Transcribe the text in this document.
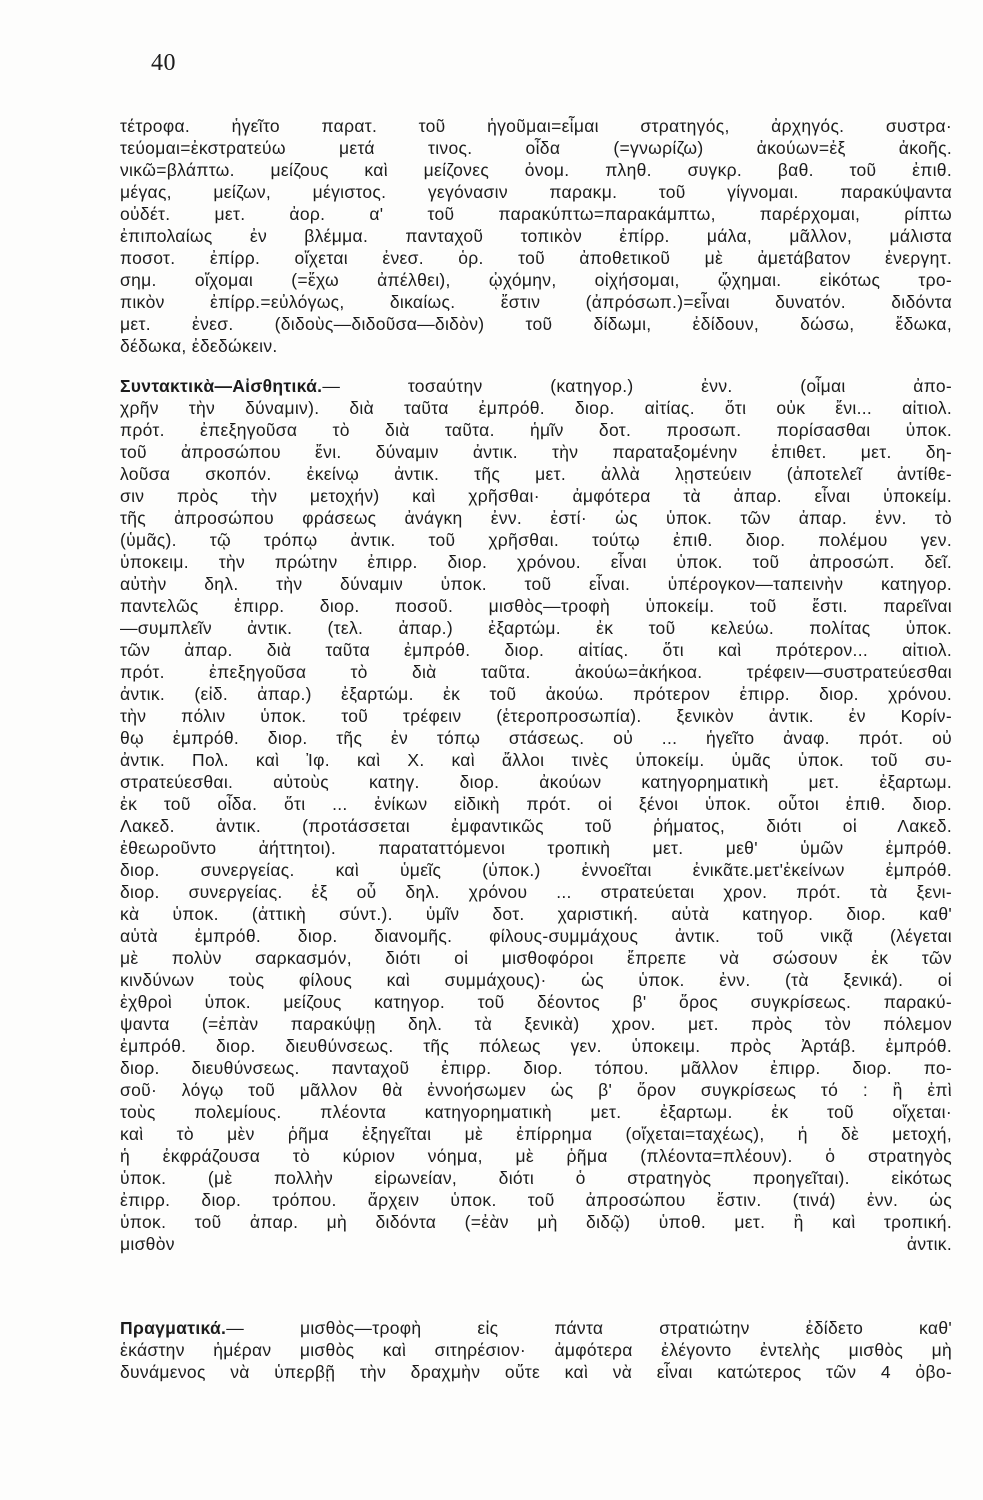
40
τέτροφα. ἡγεῖτο παρατ. τοῦ ἡγοῦμαι=εἶμαι στρατηγός, ἀρχηγός. συστρα·
τεύομαι=ἐκστρατεύω μετά τινος. οἶδα (=γνωρίζω) ἀκούων=ἐξ ἀκοῆς.
νικῶ=βλάπτω. μείζους καὶ μείζονες ὀνομ. πληθ. συγκρ. βαθ. τοῦ ἐπιθ.
μέγας, μείζων, μέγιστος. γεγόνασιν παρακμ. τοῦ γίγνομαι. παρακύψαντα
οὐδέτ. μετ. ἀορ. α' τοῦ παρακύπτω=παρακάμπτω, παρέρχομαι, ρίπτω
ἐπιπολαίως ἐν βλέμμα. πανταχοῦ τοπικὸν ἐπίρρ. μάλα, μᾶλλον, μάλιστα
ποσοτ. ἐπίρρ. οἴχεται ἐνεσ. ὁρ. τοῦ ἀποθετικοῦ μὲ ἀμετάβατον ἐνεργητ.
σημ. οἴχομαι (=ἔχω ἀπέλθει), ᾠχόμην, οἰχήσομαι, ᾤχημαι. εἰκότως τρο-
πικὸν ἐπίρρ.=εὐλόγως, δικαίως. ἔστιν (ἀπρόσωπ.)=εἶναι δυνατόν. διδόντα
μετ. ἐνεσ. (διδοὺς—διδοῦσα—διδὸν) τοῦ δίδωμι, ἐδίδουν, δώσω, ἔδωκα,
δέδωκα, ἐδεδώκειν.
Συντακτικὰ—Αἰσθητικά.— τοσαύτην (κατηγορ.) ἐνν. (οἶμαι ἀπο-
χρῆν τὴν δύναμιν). διὰ ταῦτα ἐμπρόθ. διορ. αἰτίας. ὅτι οὐκ ἔνι... αἰτιολ.
πρότ. ἐπεξηγοῦσα τὸ διὰ ταῦτα. ἡμῖν δοτ. προσωπ. πορίσασθαι ὑποκ.
τοῦ ἀπροσώπου ἔνι. δύναμιν ἀντικ. τὴν παραταξομένην ἐπιθετ. μετ. δη-
λοῦσα σκοπόν. ἐκείνῳ ἀντικ. τῆς μετ. ἀλλὰ λῃστεύειν (ἀποτελεῖ ἀντίθε-
σιν πρὸς τὴν μετοχήν) καὶ χρῆσθαι· ἀμφότερα τὰ ἀπαρ. εἶναι ὑποκείμ.
τῆς ἀπροσώπου φράσεως ἀνάγκη ἐνν. ἐστί· ὡς ὑποκ. τῶν ἀπαρ. ἐνν. τὸ
(ὑμᾶς). τῷ τρόπῳ ἀντικ. τοῦ χρῆσθαι. τούτῳ ἐπιθ. διορ. πολέμου γεν.
ὑποκειμ. τὴν πρώτην ἐπιρρ. διορ. χρόνου. εἶναι ὑποκ. τοῦ ἀπροσώπ. δεῖ.
αὐτὴν δηλ. τὴν δύναμιν ὑποκ. τοῦ εἶναι. ὑπέρογκον—ταπεινὴν κατηγορ.
παντελῶς ἐπιρρ. διορ. ποσοῦ. μισθὸς—τροφὴ ὑποκείμ. τοῦ ἔστι. παρεῖναι
—συμπλεῖν ἀντικ. (τελ. ἀπαρ.) ἐξαρτώμ. ἐκ τοῦ κελεύω. πολίτας ὑποκ.
τῶν ἀπαρ. διὰ ταῦτα ἐμπρόθ. διορ. αἰτίας. ὅτι καὶ πρότερον... αἰτιολ.
πρότ. ἐπεξηγοῦσα τὸ διὰ ταῦτα. ἀκούω=ἀκήκοα. τρέφειν—συστρατεύεσθαι
ἀντικ. (εἰδ. ἀπαρ.) ἐξαρτώμ. ἐκ τοῦ ἀκούω. πρότερον ἐπιρρ. διορ. χρόνου.
τὴν πόλιν ὑποκ. τοῦ τρέφειν (ἑτεροπροσωπία). ξενικὸν ἀντικ. ἐν Κορίν-
θῳ ἐμπρόθ. διορ. τῆς ἐν τόπῳ στάσεως. οὐ ... ἡγεῖτο ἀναφ. πρότ. οὐ
ἀντικ. Πολ. καὶ Ἰφ. καὶ Χ. καὶ ἄλλοι τινὲς ὑποκείμ. ὑμᾶς ὑποκ. τοῦ συ-
στρατεύεσθαι. αὐτοὺς κατηγ. διορ. ἀκούων κατηγορηματικὴ μετ. ἐξαρτωμ.
ἐκ τοῦ οἶδα. ὅτι ... ἐνίκων εἰδικὴ πρότ. οἱ ξένοι ὑποκ. οὗτοι ἐπιθ. διορ.
Λακεδ. ἀντικ. (προτάσσεται ἐμφαντικῶς τοῦ ῥήματος, διότι οἱ Λακεδ.
ἐθεωροῦντο ἀήττητοι). παραταττόμενοι τροπικὴ μετ. μεθ' ὑμῶν ἐμπρόθ.
διορ. συνεργείας. καὶ ὑμεῖς (ὑποκ.) ἐννοεῖται ἐνικᾶτε.μετ'ἐκείνων ἐμπρόθ.
διορ. συνεργείας. ἐξ οὗ δηλ. χρόνου ... στρατεύεται χρον. πρότ. τὰ ξενι-
κὰ ὑποκ. (ἀττικὴ σύντ.). ὑμῖν δοτ. χαριστική. αὐτὰ κατηγορ. διορ. καθ'
αὑτὰ ἐμπρόθ. διορ. διανομῆς. φίλους-συμμάχους ἀντικ. τοῦ νικᾷ (λέγεται
μὲ πολὺν σαρκασμόν, διότι οἱ μισθοφόροι ἔπρεπε νὰ σώσουν ἐκ τῶν
κινδύνων τοὺς φίλους καὶ συμμάχους)· ὡς ὑποκ. ἐνν. (τὰ ξενικά). οἱ
ἐχθροὶ ὑποκ. μείζους κατηγορ. τοῦ δέοντος β' ὅρος συγκρίσεως. παρακύ-
ψαντα (=ἐπὰν παρακύψῃ δηλ. τὰ ξενικὰ) χρον. μετ. πρὸς τὸν πόλεμον
ἐμπρόθ. διορ. διευθύνσεως. τῆς πόλεως γεν. ὑποκειμ. πρὸς Ἀρτάβ. ἐμπρόθ.
διορ. διευθύνσεως. πανταχοῦ ἐπιρρ. διορ. τόπου. μᾶλλον ἐπιρρ. διορ. πο-
σοῦ· λόγῳ τοῦ μᾶλλον θὰ ἐννοήσωμεν ὡς β' ὅρον συγκρίσεως τό : ἢ ἐπὶ
τοὺς πολεμίους. πλέοντα κατηγορηματικὴ μετ. ἐξαρτωμ. ἐκ τοῦ οἴχεται·
καὶ τὸ μὲν ῥῆμα ἐξηγεῖται μὲ ἐπίρρημα (οἴχεται=ταχέως), ἡ δὲ μετοχή,
ἡ ἐκφράζουσα τὸ κύριον νόημα, μὲ ῥῆμα (πλέοντα=πλέουν). ὁ στρατηγὸς
ὑποκ. (μὲ πολλὴν εἰρωνείαν, διότι ὁ στρατηγὸς προηγεῖται). εἰκότως
ἐπιρρ. διορ. τρόπου. ἄρχειν ὑποκ. τοῦ ἀπροσώπου ἔστιν. (τινά) ἐνν. ὡς
ὑποκ. τοῦ ἀπαρ. μὴ διδόντα (=ἐὰν μὴ διδῷ) ὑποθ. μετ. ἢ καὶ τροπική.
μισθὸν ἀντικ.
Πραγματικά.— μισθὸς—τροφὴ εἰς πάντα στρατιώτην ἐδίδετο καθ'
ἑκάστην ἡμέραν μισθὸς καὶ σιτηρέσιον· ἀμφότερα ἐλέγοντο ἐντελὴς μισθὸς μὴ
δυνάμενος νὰ ὑπερβῇ τὴν δραχμὴν οὔτε καὶ νὰ εἶναι κατώτερος τῶν 4 ὀβο-
